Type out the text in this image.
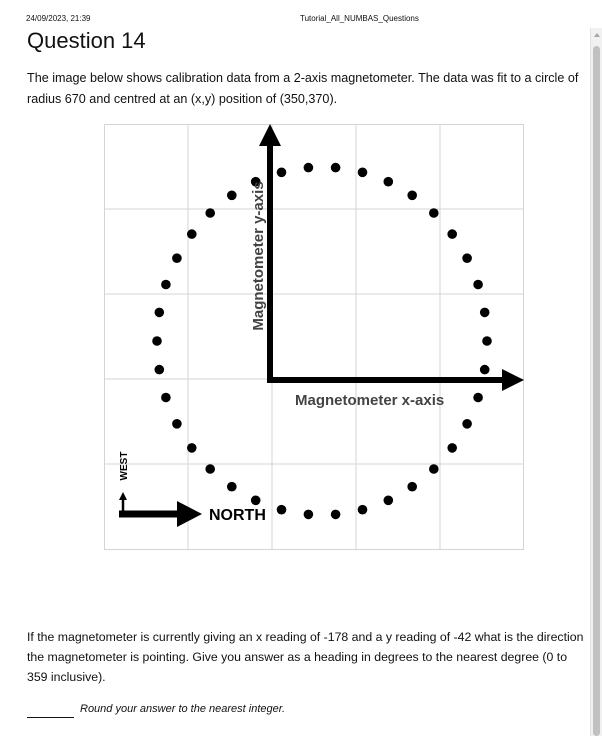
24/09/2023, 21:39	Tutorial_All_NUMBAS_Questions
Question 14

The image below shows calibration data from a 2-axis magnetometer. The data was fit to a circle of radius 670 and centred at an (x,y) position of (350,370).

Magnetometer y-axis
Magnetometer x-axis
NORTH
WEST

If the magnetometer is currently giving an x reading of -178 and a y reading of -42 what is the direction the magnetometer is pointing. Give you answer as a heading in degrees to the nearest degree (0 to 359 inclusive).

Round your answer to the nearest integer.
